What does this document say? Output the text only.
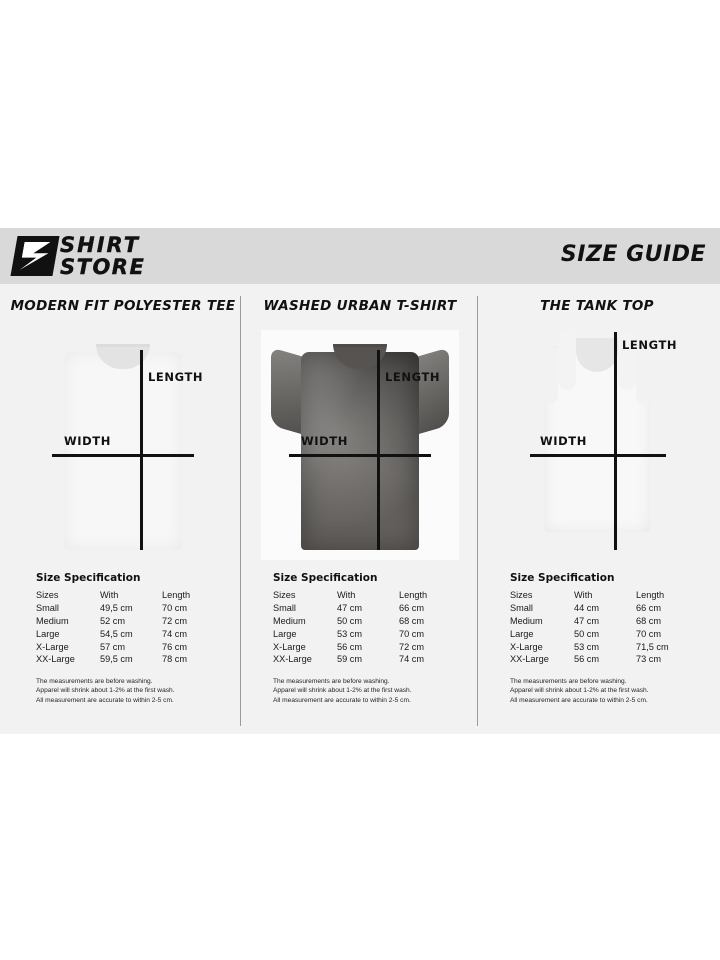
SHIRT
STORE	SIZE GUIDE
MODERN FIT POLYESTER TEE
LENGTH
WIDTH
Size Specification
Sizes	With	Length
Small	49,5 cm	70 cm
Medium	52 cm	72 cm
Large	54,5 cm	74 cm
X-Large	57 cm	76 cm
XX-Large	59,5 cm	78 cm
The measurements are before washing.
Apparel will shrink about 1-2% at the first wash.
All measurement are accurate to within 2-5 cm.
WASHED URBAN T-SHIRT
LENGTH
WIDTH
Size Specification
Sizes	With	Length
Small	47 cm	66 cm
Medium	50 cm	68 cm
Large	53 cm	70 cm
X-Large	56 cm	72 cm
XX-Large	59 cm	74 cm
The measurements are before washing.
Apparel will shrink about 1-2% at the first wash.
All measurement are accurate to within 2-5 cm.
THE TANK TOP
LENGTH
WIDTH
Size Specification
Sizes	With	Length
Small	44 cm	66 cm
Medium	47 cm	68 cm
Large	50 cm	70 cm
X-Large	53 cm	71,5 cm
XX-Large	56 cm	73 cm
The measurements are before washing.
Apparel will shrink about 1-2% at the first wash.
All measurement are accurate to within 2-5 cm.
